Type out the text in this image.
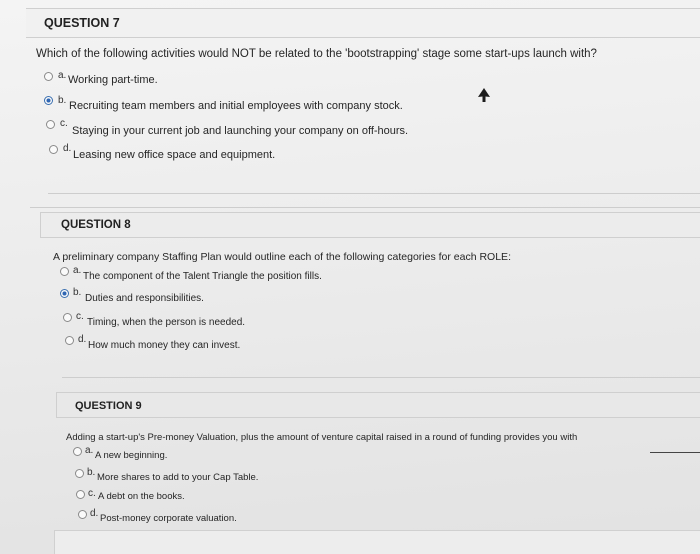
QUESTION 7
Which of the following activities would NOT be related to the 'bootstrapping' stage some start-ups launch with?
a. Working part-time.
b. Recruiting team members and initial employees with company stock.
c.
Staying in your current job and launching your company on off-hours.
d.
Leasing new office space and equipment.
QUESTION 8
A preliminary company Staffing Plan would outline each of the following categories for each ROLE:
a.
The component of the Talent Triangle the position fills.
b.
Duties and responsibilities.
c.
Timing, when the person is needed.
d.
How much money they can invest.
QUESTION 9
Adding a start-up's Pre-money Valuation, plus the amount of venture capital raised in a round of funding provides you with
a. A new beginning.
b. More shares to add to your Cap Table.
c. A debt on the books.
d. Post-money corporate valuation.
